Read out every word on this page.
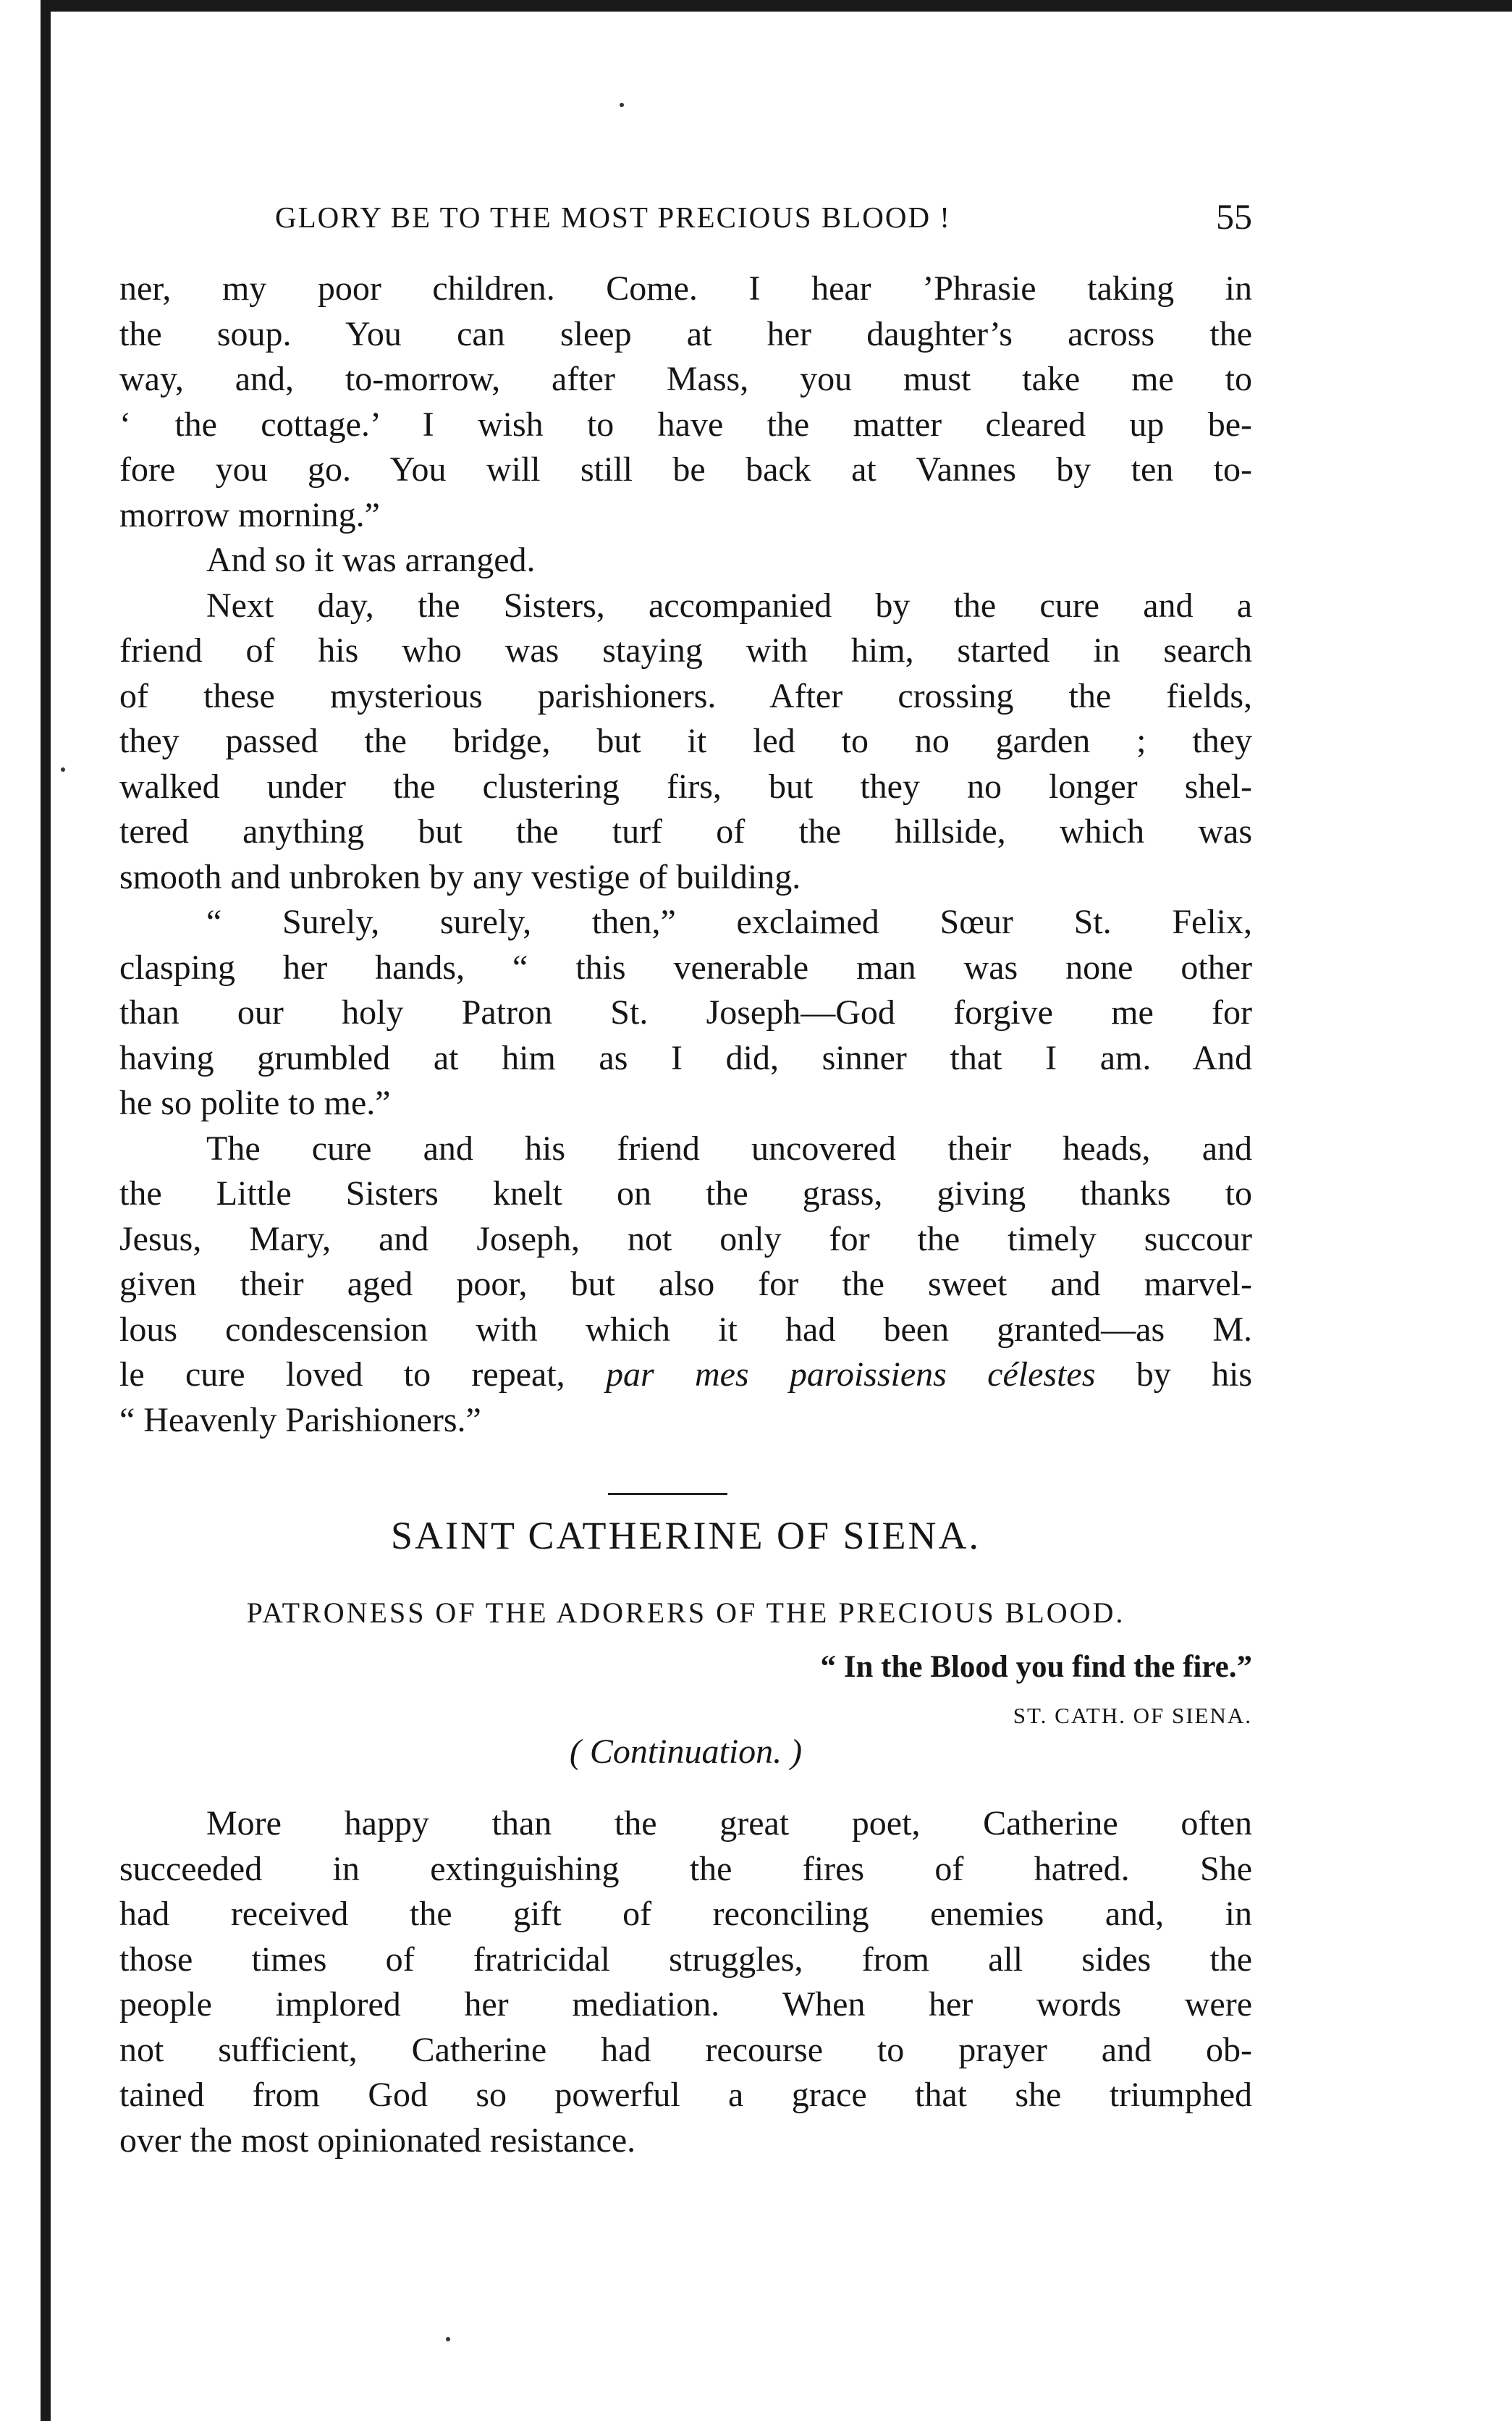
GLORY BE TO THE MOST PRECIOUS BLOOD !	55
ner, my poor children. Come. I hear ’Phrasie taking in
the soup. You can sleep at her daughter’s across the
way, and, to-morrow, after Mass, you must take me to
‘ the cottage.’ I wish to have the matter cleared up be-
fore you go. You will still be back at Vannes by ten to-
morrow morning.”
And so it was arranged.
Next day, the Sisters, accompanied by the cure and a
friend of his who was staying with him, started in search
of these mysterious parishioners. After crossing the fields,
they passed the bridge, but it led to no garden ; they
walked under the clustering firs, but they no longer shel-
tered anything but the turf of the hillside, which was
smooth and unbroken by any vestige of building.
“ Surely, surely, then,” exclaimed Sœur St. Felix,
clasping her hands, “ this venerable man was none other
than our holy Patron St. Joseph—God forgive me for
having grumbled at him as I did, sinner that I am. And
he so polite to me.”
The cure and his friend uncovered their heads, and
the Little Sisters knelt on the grass, giving thanks to
Jesus, Mary, and Joseph, not only for the timely succour
given their aged poor, but also for the sweet and marvel-
lous condescension with which it had been granted—as M.
le cure loved to repeat, par mes paroissiens célestes by his
“ Heavenly Parishioners.”
SAINT CATHERINE OF SIENA.
PATRONESS OF THE ADORERS OF THE PRECIOUS BLOOD.
“ In the Blood you find the fire.”
ST. CATH. OF SIENA.
( Continuation. )
More happy than the great poet, Catherine often
succeeded in extinguishing the fires of hatred. She
had received the gift of reconciling enemies and, in
those times of fratricidal struggles, from all sides the
people implored her mediation. When her words were
not sufficient, Catherine had recourse to prayer and ob-
tained from God so powerful a grace that she triumphed
over the most opinionated resistance.
